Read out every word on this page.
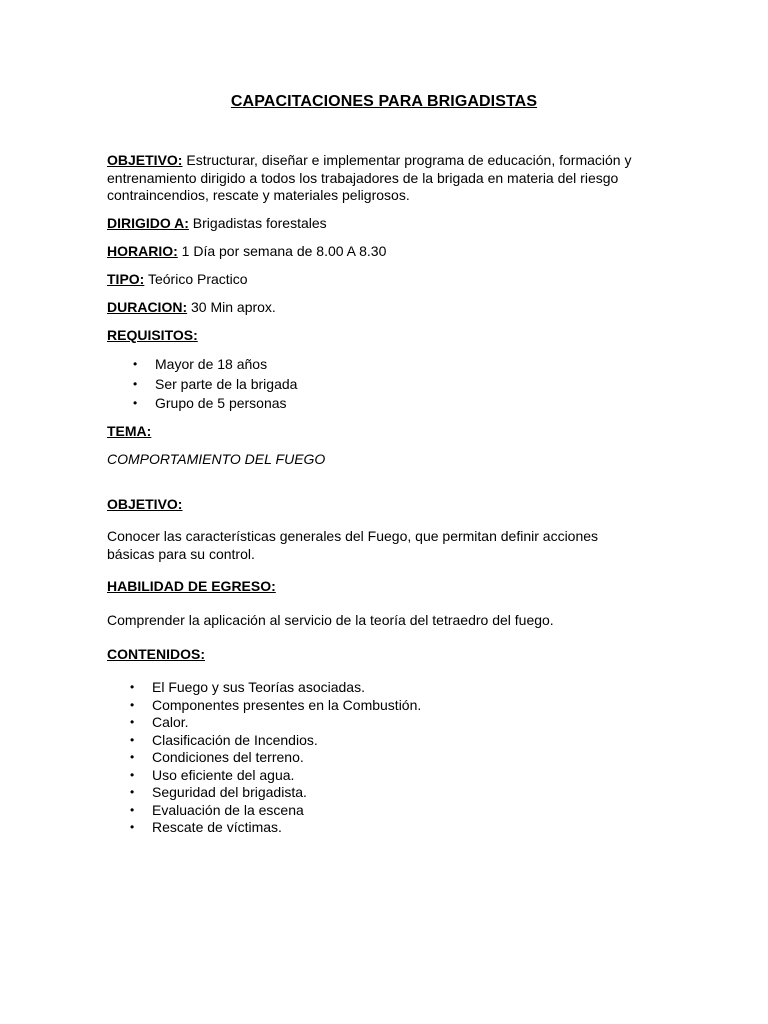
CAPACITACIONES PARA BRIGADISTAS

OBJETIVO: Estructurar, diseñar e implementar programa de educación, formación y entrenamiento dirigido a todos los trabajadores de la brigada en materia del riesgo contraincendios, rescate y materiales peligrosos.

DIRIGIDO A: Brigadistas forestales
HORARIO: 1 Día por semana de 8.00 A 8.30
TIPO: Teórico Practico
DURACION: 30 Min aprox.
REQUISITOS:
• Mayor de 18 años
• Ser parte de la brigada
• Grupo de 5 personas
TEMA:
COMPORTAMIENTO DEL FUEGO
OBJETIVO:
Conocer las características generales del Fuego, que permitan definir acciones básicas para su control.
HABILIDAD DE EGRESO:
Comprender la aplicación al servicio de la teoría del tetraedro del fuego.
CONTENIDOS:
• El Fuego y sus Teorías asociadas.
• Componentes presentes en la Combustión.
• Calor.
• Clasificación de Incendios.
• Condiciones del terreno.
• Uso eficiente del agua.
• Seguridad del brigadista.
• Evaluación de la escena
• Rescate de víctimas.
